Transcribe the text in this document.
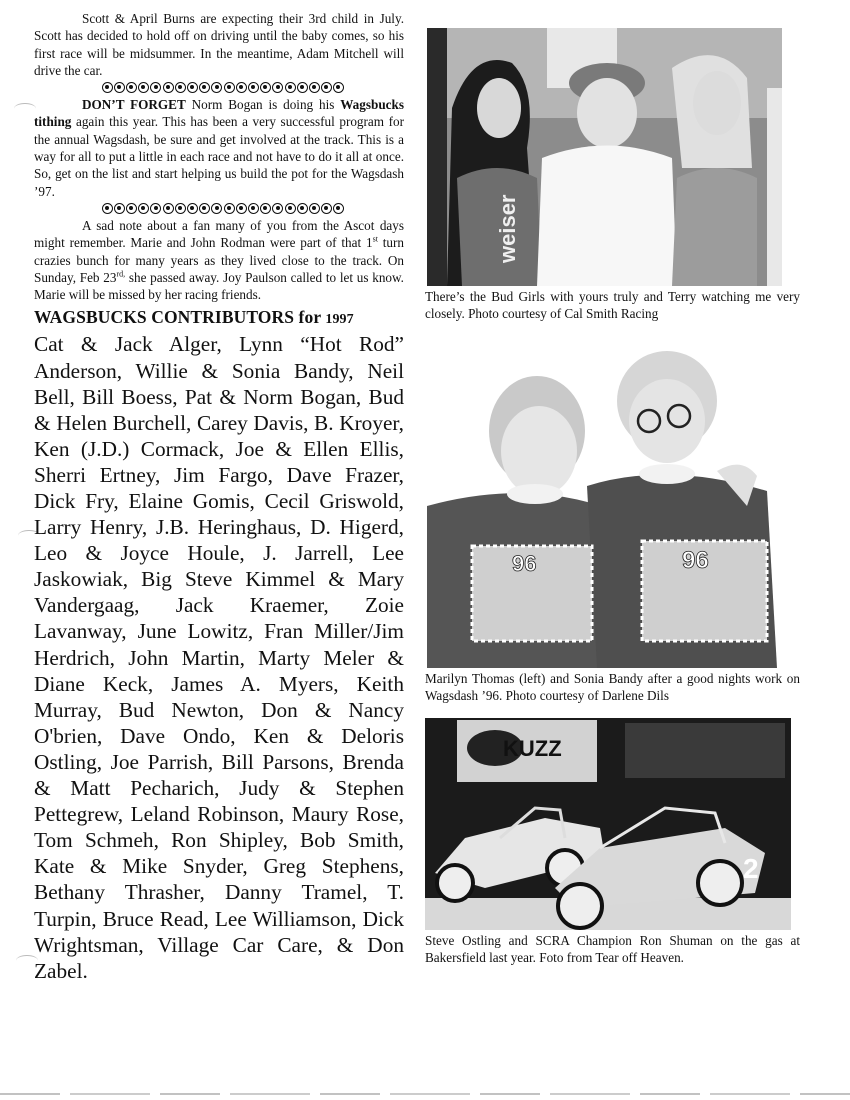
Scott & April Burns are expecting their 3rd child in July. Scott has decided to hold off on driving until the baby comes, so his first race will be midsummer. In the meantime, Adam Mitchell will drive the car.

DON’T FORGET Norm Bogan is doing his Wagsbucks tithing again this year. This has been a very successful program for the annual Wagsdash, be sure and get involved at the track. This is a way for all to put a little in each race and not have to do it all at once. So, get on the list and start helping us build the pot for the Wagsdash ’97.

A sad note about a fan many of you from the Ascot days might remember. Marie and John Rodman were part of that 1st turn crazies bunch for many years as they lived close to the track. On Sunday, Feb $23^{rd,}$ she passed away. Joy Paulson called to let us know. Marie will be missed by her racing friends.

WAGSBUCKS CONTRIBUTORS for 1997

Cat & Jack Alger, Lynn “Hot Rod” Anderson, Willie & Sonia Bandy, Neil Bell, Bill Boess, Pat & Norm Bogan, Bud & Helen Burchell, Carey Davis, B. Kroyer, Ken (J.D.) Cormack, Joe & Ellen Ellis, Sherri Ertney, Jim Fargo, Dave Frazer, Dick Fry, Elaine Gomis, Cecil Griswold, Larry Henry, J.B. Heringhaus, D. Higerd, Leo & Joyce Houle, J. Jarrell, Lee Jaskowiak, Big Steve Kimmel & Mary Vandergaag, Jack Kraemer, Zoie Lavanway, June Lowitz, Fran Miller/Jim Herdrich, John Martin, Marty Meler & Diane Keck, James A. Myers, Keith Murray, Bud Newton, Don & Nancy O'brien, Dave Ondo, Ken & Deloris Ostling, Joe Parrish, Bill Parsons, Brenda & Matt Pecharich, Judy & Stephen Pettegrew, Leland Robinson, Maury Rose, Tom Schmeh, Ron Shipley, Bob Smith, Kate & Mike Snyder, Greg Stephens, Bethany Thrasher, Danny Tramel, T. Turpin, Bruce Read, Lee Williamson, Dick Wrightsman, Village Car Care, & Don Zabel.

weiser

There’s the Bud Girls with yours truly and Terry watching me very closely. Photo courtesy of Cal Smith Racing

96	96

Marilyn Thomas (left) and Sonia Bandy after a good nights work on Wagsdash ’96. Photo courtesy of Darlene Dils

KUZZ
2

Steve Ostling and SCRA Champion Ron Shuman on the gas at Bakersfield last year. Foto from Tear off Heaven.
